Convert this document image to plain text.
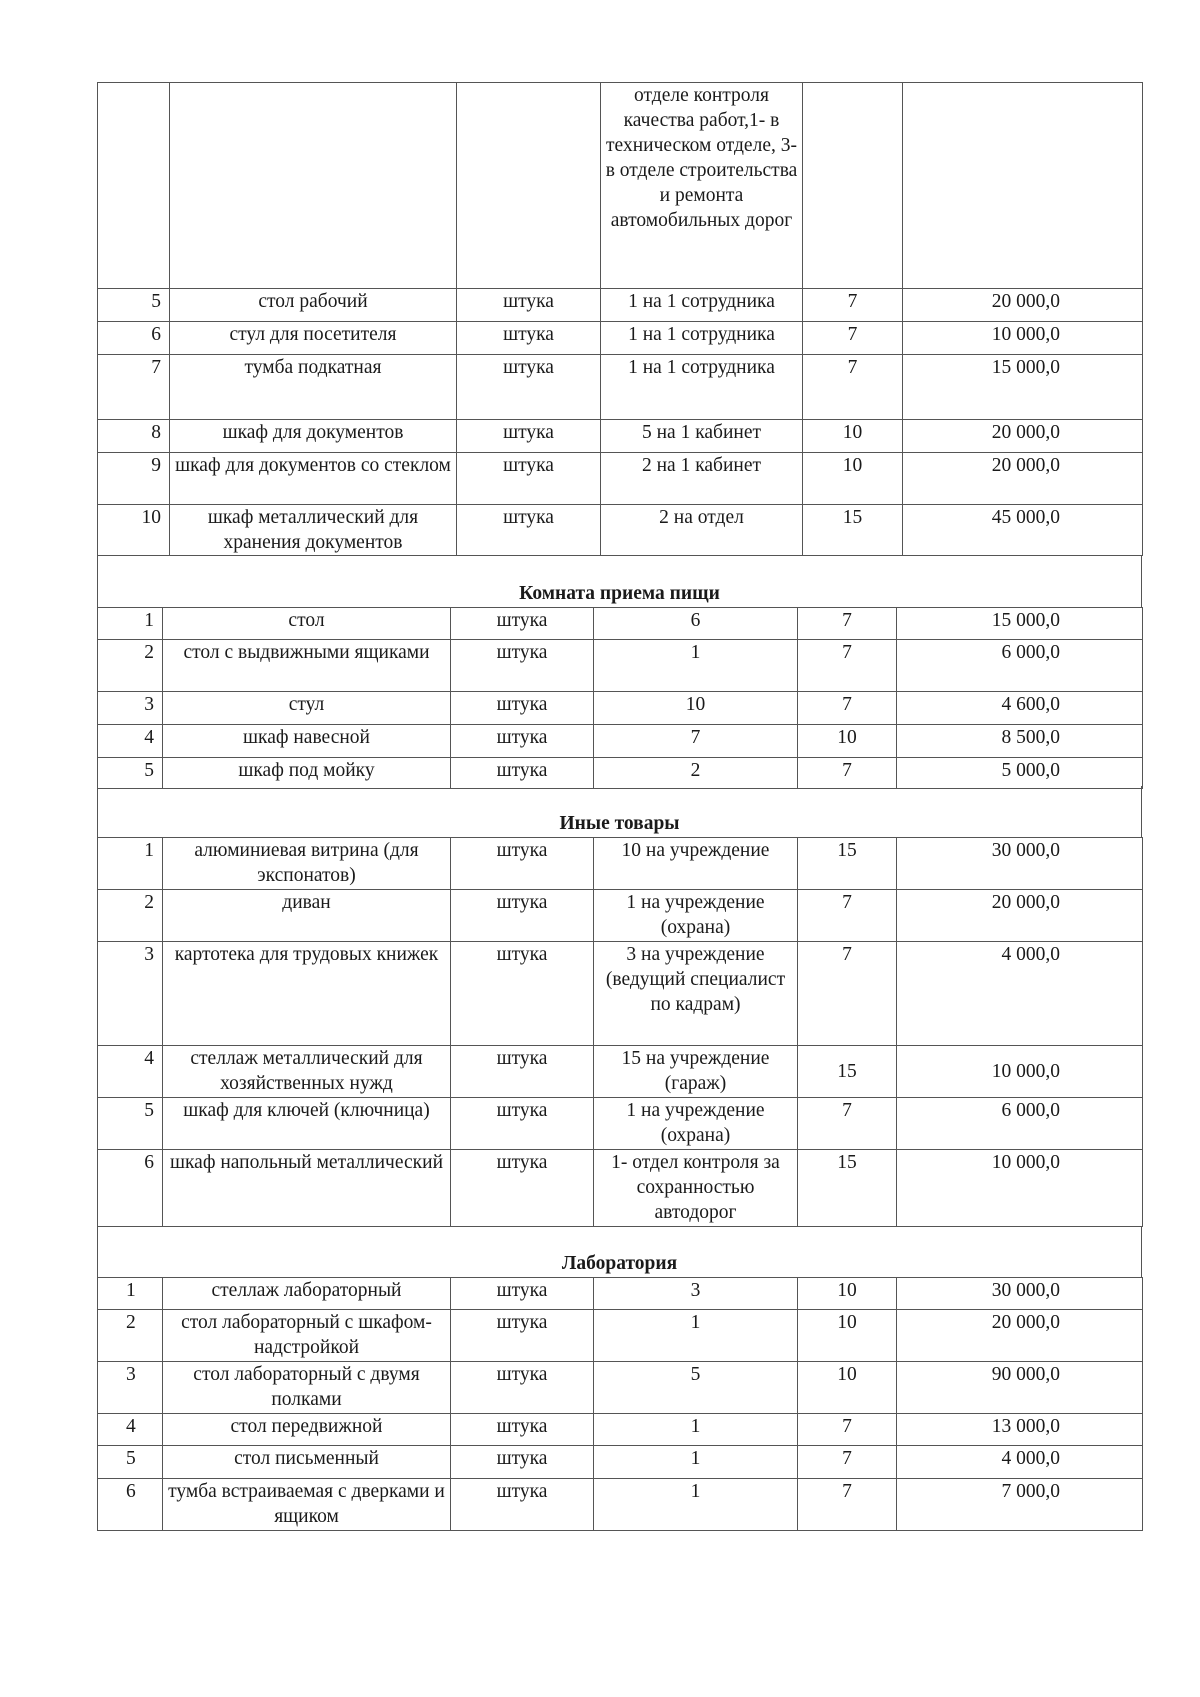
			отделе контроля качества работ,1- в техническом отделе, 3- в отделе строительства и ремонта автомобильных дорог		
5	стол рабочий	штука	1 на 1 сотрудника	7	20 000,0
6	стул для посетителя	штука	1 на 1 сотрудника	7	10 000,0
7	тумба подкатная	штука	1 на 1 сотрудника	7	15 000,0
8	шкаф для документов	штука	5 на 1 кабинет	10	20 000,0
9	шкаф для документов со стеклом	штука	2 на 1 кабинет	10	20 000,0
10	шкаф металлический для хранения документов	штука	2 на отдел	15	45 000,0
Комната приема пищи
1	стол	штука	6	7	15 000,0
2	стол с выдвижными ящиками	штука	1	7	6 000,0
3	стул	штука	10	7	4 600,0
4	шкаф навесной	штука	7	10	8 500,0
5	шкаф под мойку	штука	2	7	5 000,0
Иные товары
1	алюминиевая витрина (для экспонатов)	штука	10 на учреждение	15	30 000,0
2	диван	штука	1 на учреждение (охрана)	7	20 000,0
3	картотека для трудовых книжек	штука	3 на учреждение (ведущий специалист по кадрам)	7	4 000,0
4	стеллаж металлический для хозяйственных нужд	штука	15 на учреждение (гараж)	15	10 000,0
5	шкаф для ключей (ключница)	штука	1 на учреждение (охрана)	7	6 000,0
6	шкаф напольный металлический	штука	1- отдел контроля за сохранностью автодорог	15	10 000,0
Лаборатория
1	стеллаж лабораторный	штука	3	10	30 000,0
2	стол лабораторный с шкафом-надстройкой	штука	1	10	20 000,0
3	стол лабораторный с двумя полками	штука	5	10	90 000,0
4	стол передвижной	штука	1	7	13 000,0
5	стол письменный	штука	1	7	4 000,0
6	тумба встраиваемая с дверками и ящиком	штука	1	7	7 000,0
